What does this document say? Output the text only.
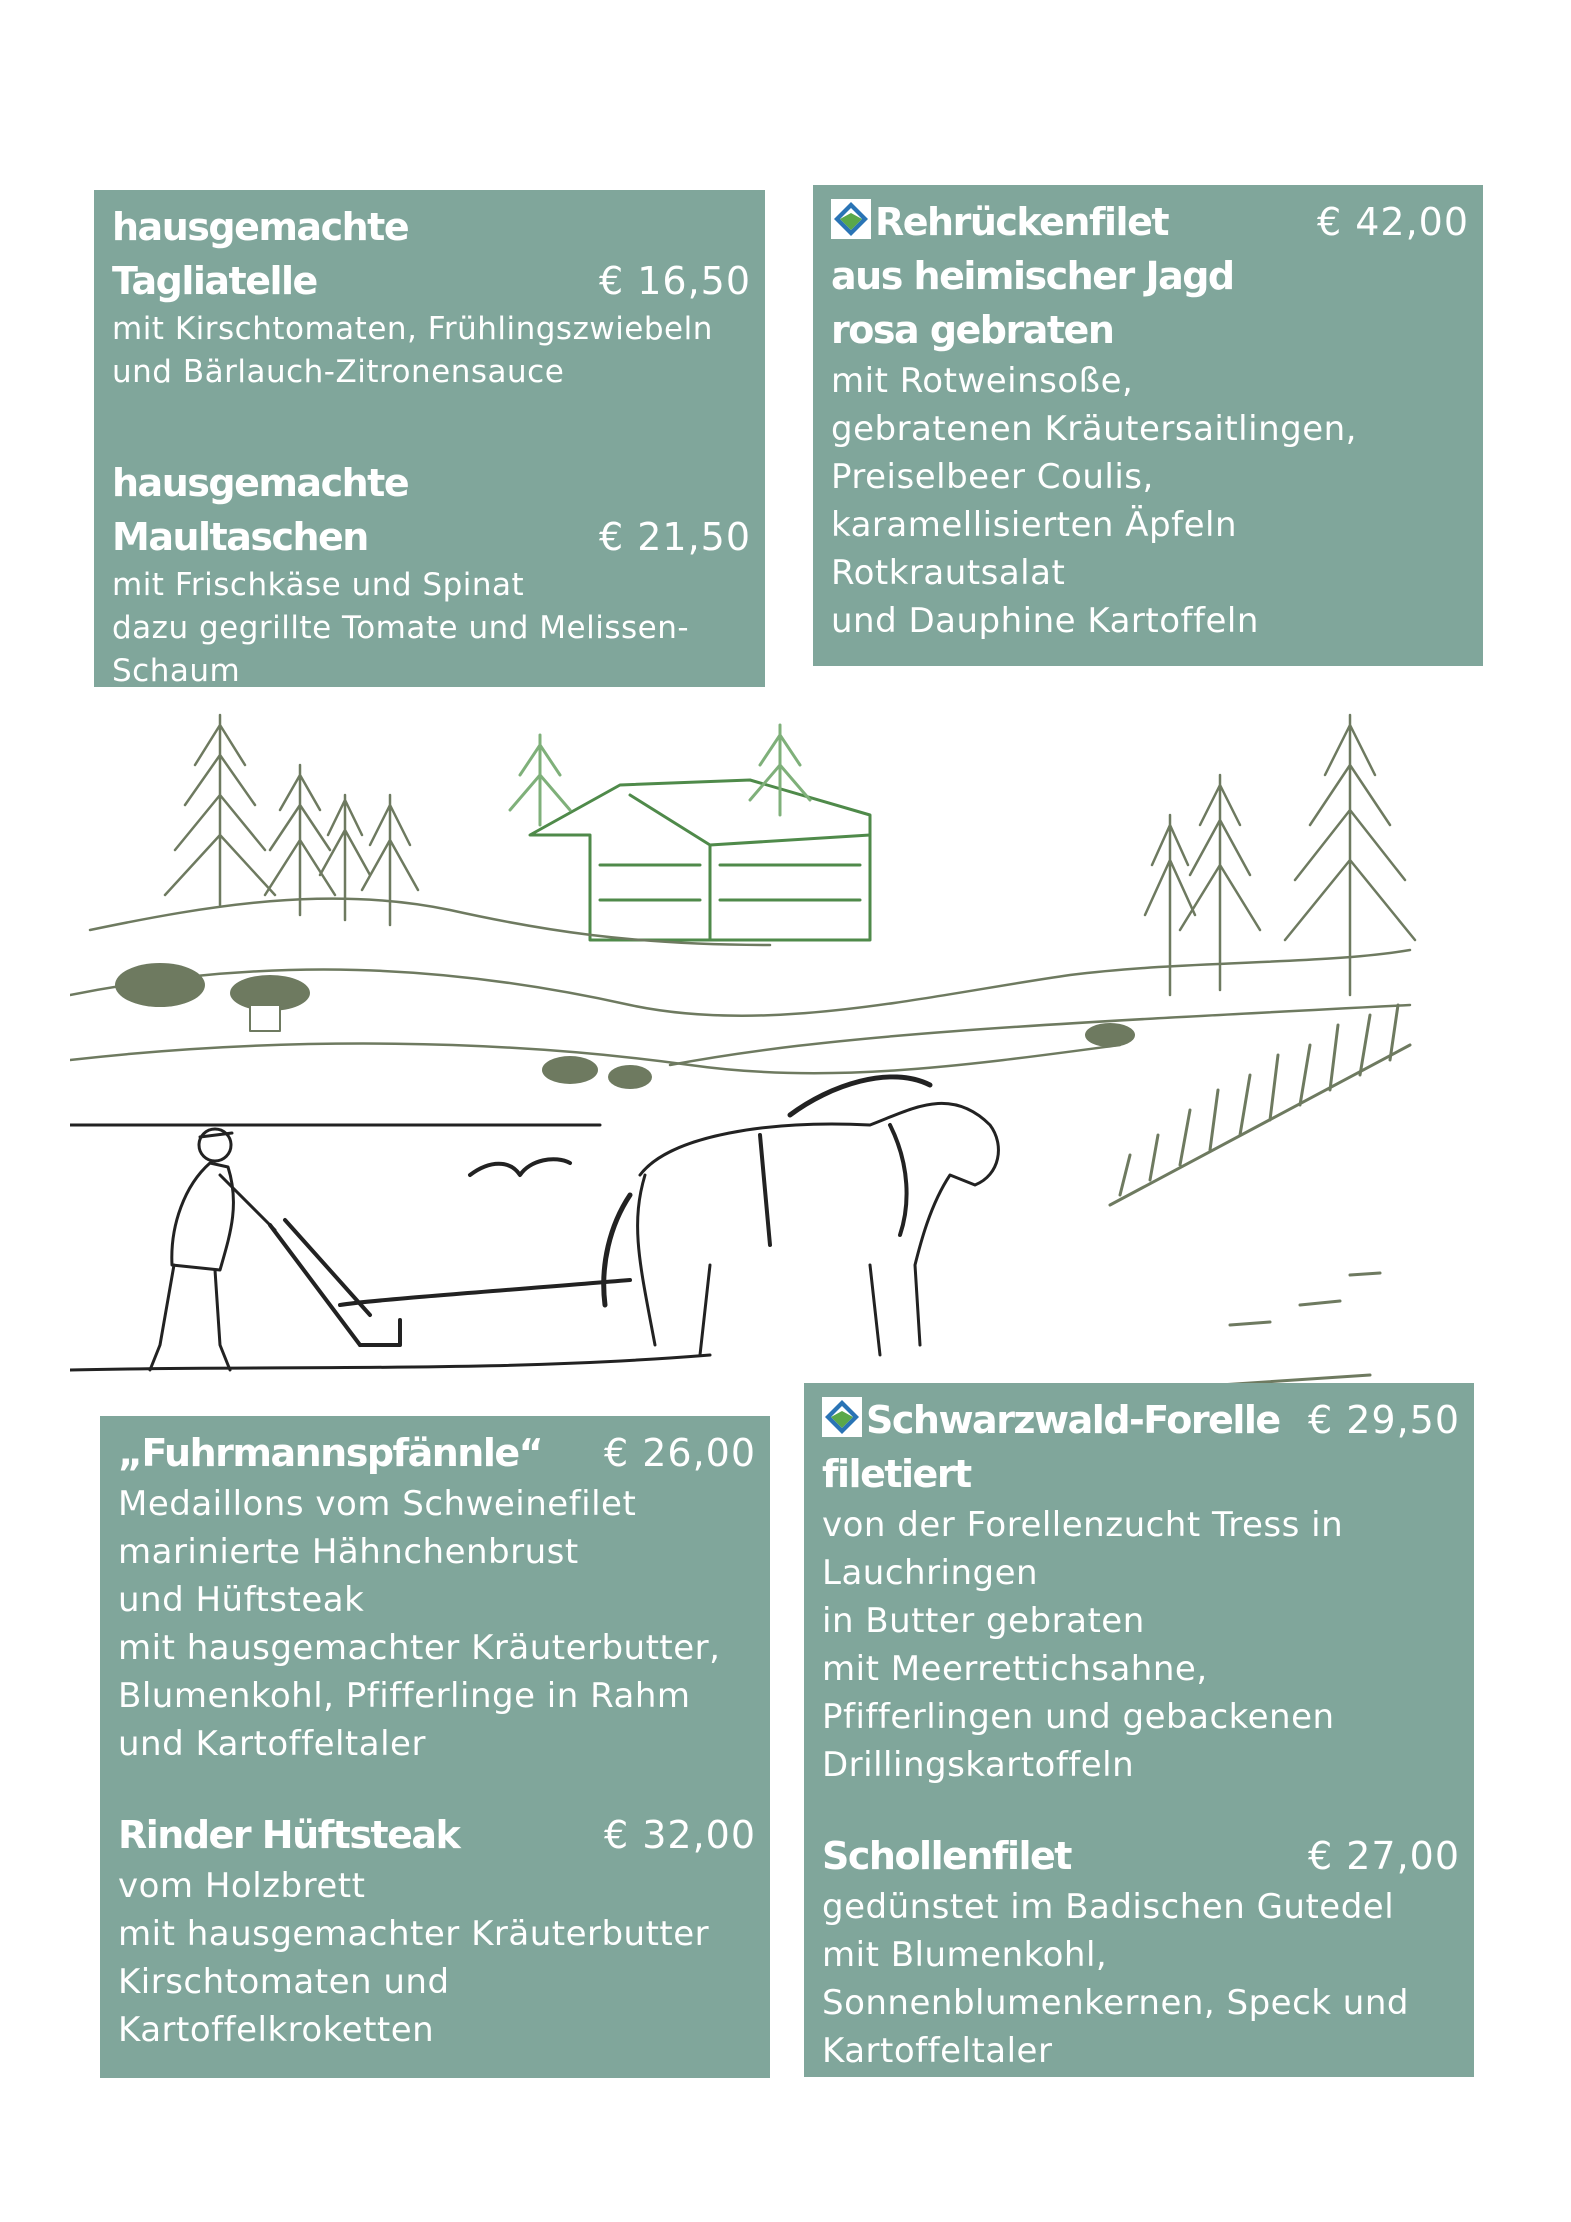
hausgemachte
Tagliatelle	€ 16,50
mit Kirschtomaten, Frühlingszwiebeln
und Bärlauch-Zitronensauce
hausgemachte
Maultaschen	€ 21,50
mit Frischkäse und Spinat
dazu gegrillte Tomate und Melissen-
Schaum
Rehrückenfilet	€ 42,00
aus heimischer Jagd
rosa gebraten
mit Rotweinsoße,
gebratenen Kräutersaitlingen,
Preiselbeer Coulis,
karamellisierten Äpfeln
Rotkrautsalat
und Dauphine Kartoffeln
„Fuhrmannspfännle“ € 26,00
Medaillons vom Schweinefilet
marinierte Hähnchenbrust
und Hüftsteak
mit hausgemachter Kräuterbutter,
Blumenkohl, Pfifferlinge in Rahm
und Kartoffeltaler
Rinder Hüftsteak	€ 32,00
vom Holzbrett
mit hausgemachter Kräuterbutter
Kirschtomaten und
Kartoffelkroketten
Schwarzwald-Forelle € 29,50
filetiert
von der Forellenzucht Tress in
Lauchringen
in Butter gebraten
mit Meerrettichsahne,
Pfifferlingen und gebackenen
Drillingskartoffeln
Schollenfilet	€ 27,00
gedünstet im Badischen Gutedel
mit Blumenkohl,
Sonnenblumenkernen, Speck und
Kartoffeltaler
